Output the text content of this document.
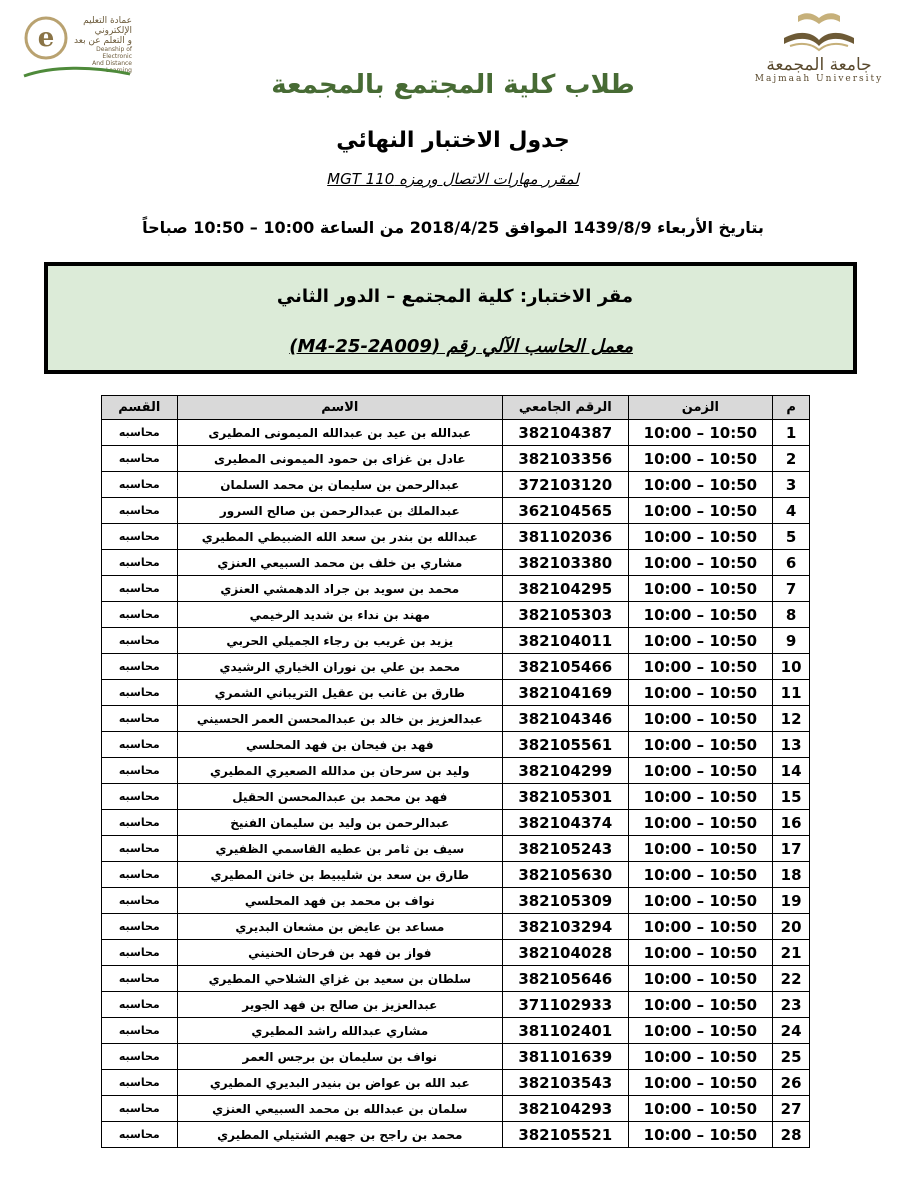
جامعة المجمعة
Majmaah University
e
عمادة التعليم
الإلكتروني
و التعلم عن بعد
Deanship of Electronic
And Distance Learning	طلاب كلية المجتمع بالمجمعة
جدول الاختبار النهائي
لمقرر مهارات الاتصال ورمزه MGT 110
بتاريخ الأربعاء 1439/8/9 الموافق 2018/4/25 من الساعة 10:00 – 10:50 صباحاً
مقر الاختبار: كلية المجتمع – الدور الثاني
معمل الحاسب الآلي رقم (M4-25-2A009)
م	الزمن	الرقم الجامعي	الاسم	القسم
1	10:00 – 10:50	382104387	عبدالله بن عيد بن عبدالله الميمونى المطيرى	محاسبه
2	10:00 – 10:50	382103356	عادل بن غزاى بن حمود الميمونى المطيرى	محاسبه
3	10:00 – 10:50	372103120	عبدالرحمن بن سليمان بن محمد السلمان	محاسبه
4	10:00 – 10:50	362104565	عبدالملك بن عبدالرحمن بن صالح السرور	محاسبه
5	10:00 – 10:50	381102036	عبدالله بن بندر بن سعد الله الضبيطي المطيري	محاسبه
6	10:00 – 10:50	382103380	مشاري بن خلف بن محمد السبيعي العنزي	محاسبه
7	10:00 – 10:50	382104295	محمد بن سويد بن جراد الدهمشي العنزي	محاسبه
8	10:00 – 10:50	382105303	مهند بن نداء بن شديد الرخيمي	محاسبه
9	10:00 – 10:50	382104011	يزيد بن غريب بن رجاء الجميلي الحربي	محاسبه
10	10:00 – 10:50	382105466	محمد بن علي بن نوران الخياري الرشيدي	محاسبه
11	10:00 – 10:50	382104169	طارق بن غانب بن عقيل التريباني الشمري	محاسبه
12	10:00 – 10:50	382104346	عبدالعزيز بن خالد بن عبدالمحسن العمر الحسيني	محاسبه
13	10:00 – 10:50	382105561	فهد بن فيحان بن فهد المحلسي	محاسبه
14	10:00 – 10:50	382104299	وليد بن سرحان بن مدالله الصعيري المطيري	محاسبه
15	10:00 – 10:50	382105301	فهد بن محمد بن عبدالمحسن الحقيل	محاسبه
16	10:00 – 10:50	382104374	عبدالرحمن بن وليد بن سليمان الفنيخ	محاسبه
17	10:00 – 10:50	382105243	سيف بن ثامر بن عطيه القاسمي الظفيري	محاسبه
18	10:00 – 10:50	382105630	طارق بن سعد بن شليبيط بن خانن المطيري	محاسبه
19	10:00 – 10:50	382105309	نواف بن محمد بن فهد المحلسي	محاسبه
20	10:00 – 10:50	382103294	مساعد بن عايض بن مشعان البديري	محاسبه
21	10:00 – 10:50	382104028	فواز بن فهد بن فرحان الحنيني	محاسبه
22	10:00 – 10:50	382105646	سلطان بن سعيد بن غزاي الشلاحي المطيري	محاسبه
23	10:00 – 10:50	371102933	عبدالعزيز بن صالح بن فهد الجوير	محاسبه
24	10:00 – 10:50	381102401	مشاري عبدالله راشد المطيري	محاسبه
25	10:00 – 10:50	381101639	نواف بن سليمان بن برجس العمر	محاسبه
26	10:00 – 10:50	382103543	عبد الله بن عواض بن بنيدر البديري المطيري	محاسبه
27	10:00 – 10:50	382104293	سلمان بن عبدالله بن محمد السبيعي العنزي	محاسبه
28	10:00 – 10:50	382105521	محمد بن راجح بن جهيم الشتيلي المطيري	محاسبه
